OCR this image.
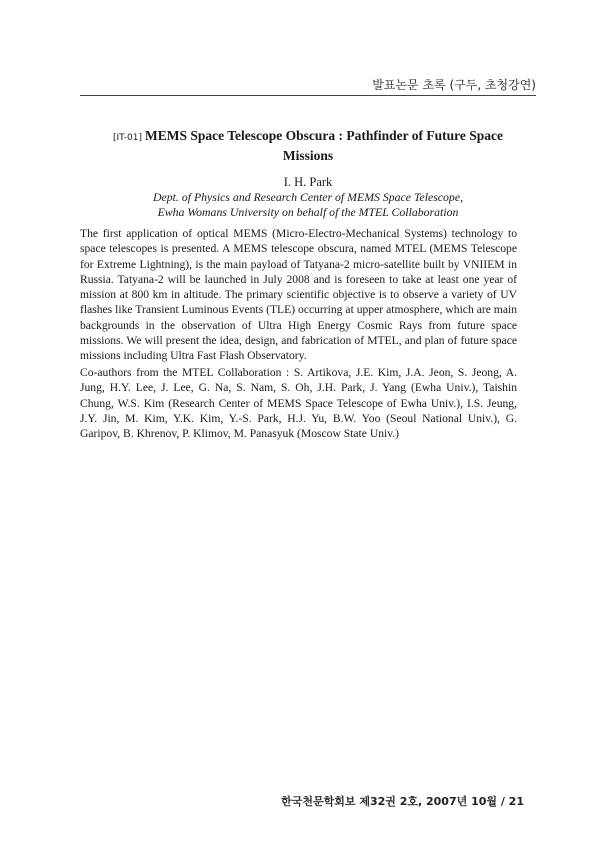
발표논문 초록 (구두, 초청강연)
[IT-01] MEMS Space Telescope Obscura : Pathfinder of Future Space
Missions
I. H. Park
Dept. of Physics and Research Center of MEMS Space Telescope,
Ewha Womans University on behalf of the MTEL Collaboration

The first application of optical MEMS (Micro-Electro-Mechanical Systems) technology to space telescopes is presented. A MEMS telescope obscura, named MTEL (MEMS Telescope for Extreme Lightning), is the main payload of Tatyana-2 micro-satellite built by VNIIEM in Russia. Tatyana-2 will be launched in July 2008 and is foreseen to take at least one year of mission at 800 km in altitude. The primary scientific objective is to observe a variety of UV flashes like Transient Luminous Events (TLE) occurring at upper atmosphere, which are main backgrounds in the observation of Ultra High Energy Cosmic Rays from future space missions. We will present the idea, design, and fabrication of MTEL, and plan of future space missions including Ultra Fast Flash Observatory.

Co-authors from the MTEL Collaboration : S. Artikova, J.E. Kim, J.A. Jeon, S. Jeong, A. Jung, H.Y. Lee, J. Lee, G. Na, S. Nam, S. Oh, J.H. Park, J. Yang (Ewha Univ.), Taishin Chung, W.S. Kim (Research Center of MEMS Space Telescope of Ewha Univ.), I.S. Jeung, J.Y. Jin, M. Kim, Y.K. Kim, Y.-S. Park, H.J. Yu, B.W. Yoo (Seoul National Univ.), G. Garipov, B. Khrenov, P. Klimov, M. Panasyuk (Moscow State Univ.)

한국천문학회보 제32권 2호, 2007년 10월 / 21
